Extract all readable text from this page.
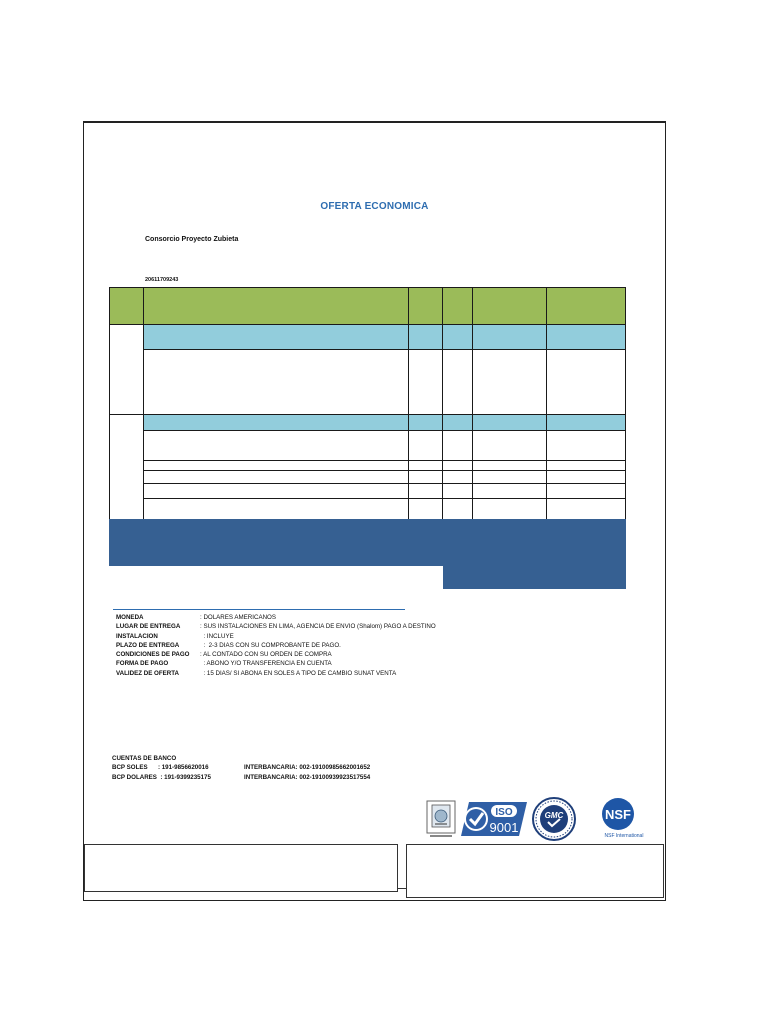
OFERTA ECONOMICA
Consorcio Proyecto Zubieta
20611709243
MONEDA	: DOLARES AMERICANOS
LUGAR DE ENTREGA	: SUS INSTALACIONES EN LIMA, AGENCIA DE ENVIO (Shalom) PAGO A DESTINO
INSTALACION	: INCLUYE
PLAZO DE ENTREGA	:  2-3 DIAS CON SU COMPROBANTE DE PAGO.
CONDICIONES DE PAGO	: AL CONTADO CON SU ORDEN DE COMPRA
FORMA DE PAGO	: ABONO Y/O TRANSFERENCIA EN CUENTA
VALIDEZ DE OFERTA	: 15 DIAS/ SI ABONA EN SOLES A TIPO DE CAMBIO SUNAT VENTA
CUENTAS DE BANCO
BCP SOLES      : 191-9856620016	INTERBANCARIA: 002-19100985662001652
BCP DOLARES  : 191-9399235175	INTERBANCARIA: 002-19100939923517554
ISO
9001
GMC	NSF
NSF International
